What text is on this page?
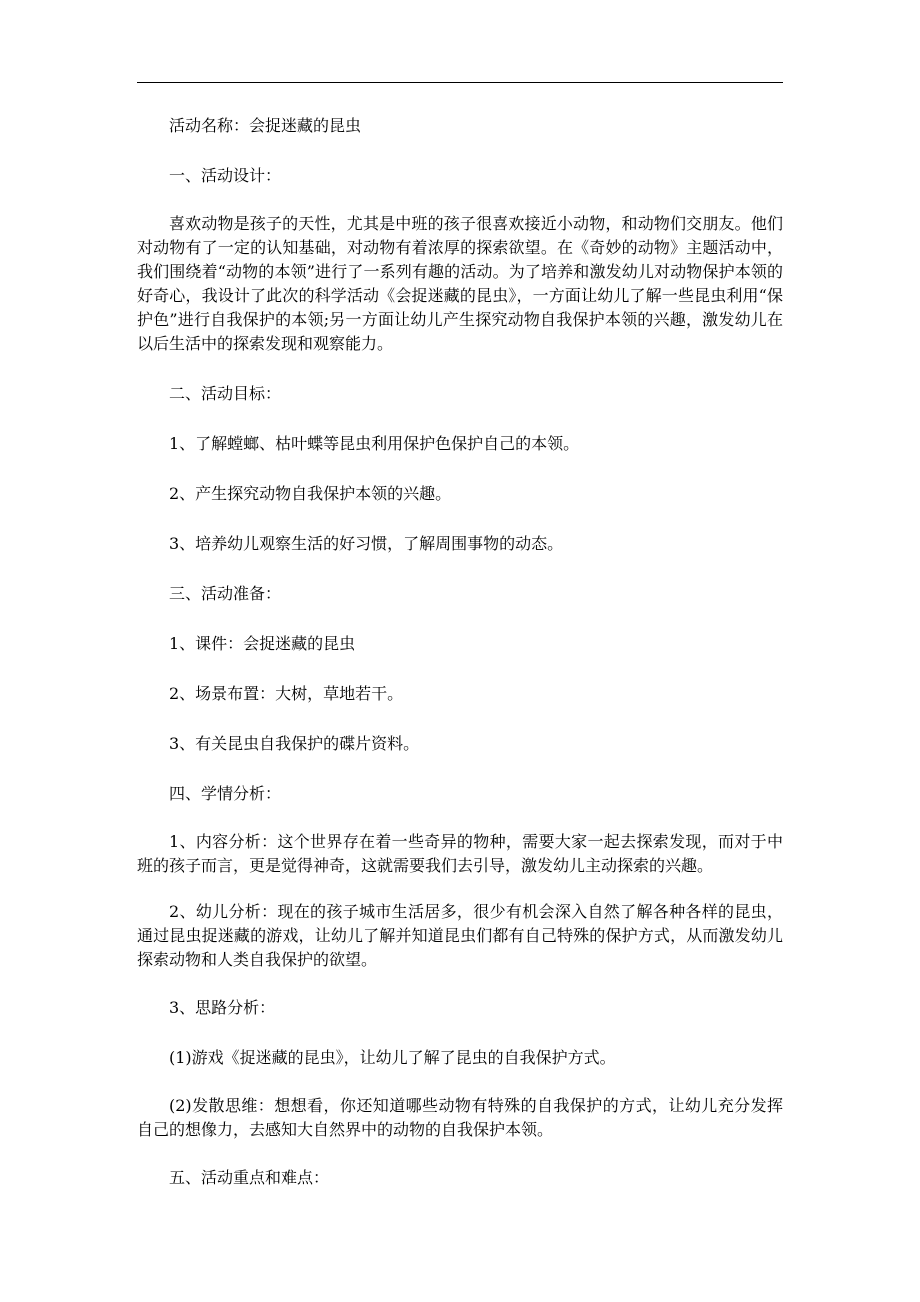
活动名称：会捉迷藏的昆虫

一、活动设计：

喜欢动物是孩子的天性，尤其是中班的孩子很喜欢接近小动物，和动物们交朋友。他们对动物有了一定的认知基础，对动物有着浓厚的探索欲望。在《奇妙的动物》主题活动中，我们围绕着“动物的本领”进行了一系列有趣的活动。为了培养和激发幼儿对动物保护本领的好奇心，我设计了此次的科学活动《会捉迷藏的昆虫》，一方面让幼儿了解一些昆虫利用“保护色”进行自我保护的本领;另一方面让幼儿产生探究动物自我保护本领的兴趣，激发幼儿在以后生活中的探索发现和观察能力。

二、活动目标：

1、了解螳螂、枯叶蝶等昆虫利用保护色保护自己的本领。

2、产生探究动物自我保护本领的兴趣。

3、培养幼儿观察生活的好习惯，了解周围事物的动态。

三、活动准备：

1、课件：会捉迷藏的昆虫

2、场景布置：大树，草地若干。

3、有关昆虫自我保护的碟片资料。

四、学情分析：

1、内容分析：这个世界存在着一些奇异的物种，需要大家一起去探索发现，而对于中班的孩子而言，更是觉得神奇，这就需要我们去引导，激发幼儿主动探索的兴趣。

2、幼儿分析：现在的孩子城市生活居多，很少有机会深入自然了解各种各样的昆虫，通过昆虫捉迷藏的游戏，让幼儿了解并知道昆虫们都有自己特殊的保护方式，从而激发幼儿探索动物和人类自我保护的欲望。

3、思路分析：

(1)游戏《捉迷藏的昆虫》，让幼儿了解了昆虫的自我保护方式。

(2)发散思维：想想看，你还知道哪些动物有特殊的自我保护的方式，让幼儿充分发挥自己的想像力，去感知大自然界中的动物的自我保护本领。

五、活动重点和难点：
